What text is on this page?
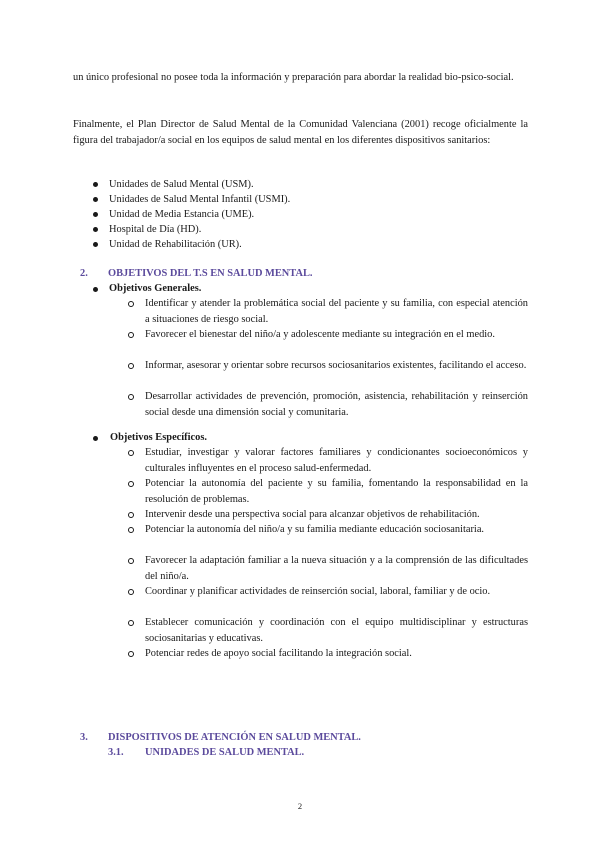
un único profesional no posee toda la información y preparación para abordar la realidad bio-psico-social.

Finalmente, el Plan Director de Salud Mental de la Comunidad Valenciana (2001) recoge oficialmente la figura del trabajador/a social en los equipos de salud mental en los diferentes dispositivos sanitarios:

Unidades de Salud Mental (USM).
Unidades de Salud Mental Infantil (USMI).
Unidad de Media Estancia (UME).
Hospital de Día (HD).
Unidad de Rehabilitación (UR).
2. OBJETIVOS DEL T.S EN SALUD MENTAL.
Objetivos Generales.

Identificar y atender la problemática social del paciente y su familia, con especial atención a situaciones de riesgo social.

Favorecer el bienestar del niño/a y adolescente mediante su integración en el medio.

Informar, asesorar y orientar sobre recursos sociosanitarios existentes, facilitando el acceso.

Desarrollar actividades de prevención, promoción, asistencia, rehabilitación y reinserción social desde una dimensión social y comunitaria.

Objetivos Específicos.

Estudiar, investigar y valorar factores familiares y condicionantes socioeconómicos y culturales influyentes en el proceso salud-enfermedad.

Potenciar la autonomía del paciente y su familia, fomentando la responsabilidad en la resolución de problemas.

Intervenir desde una perspectiva social para alcanzar objetivos de rehabilitación.

Potenciar la autonomía del niño/a y su familia mediante educación sociosanitaria.

Favorecer la adaptación familiar a la nueva situación y a la comprensión de las dificultades del niño/a.

Coordinar y planificar actividades de reinserción social, laboral, familiar y de ocio.

Establecer comunicación y coordinación con el equipo multidisciplinar y estructuras sociosanitarias y educativas.

Potenciar redes de apoyo social facilitando la integración social.

3. DISPOSITIVOS DE ATENCIÓN EN SALUD MENTAL.
3.1. UNIDADES DE SALUD MENTAL.
2
